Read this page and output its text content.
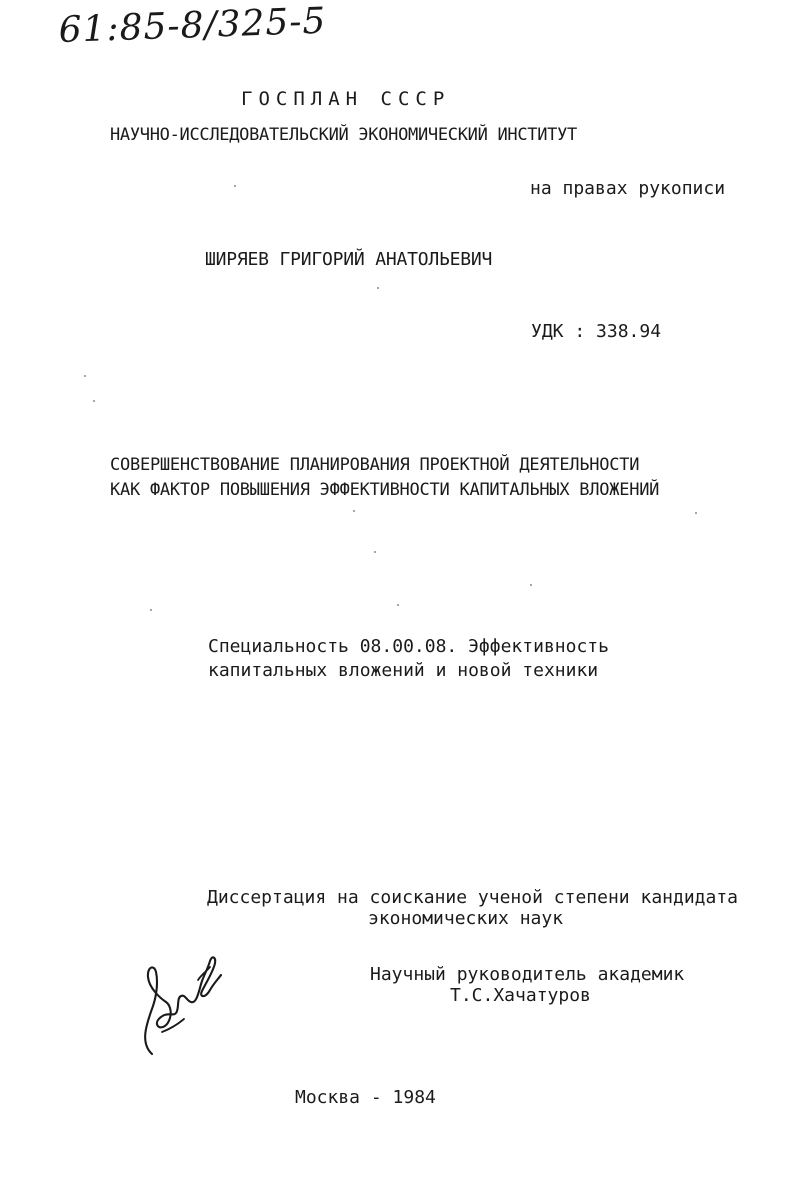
61:85-8/325-5
ГОСПЛАН СССР
НАУЧНО-ИССЛЕДОВАТЕЛЬСКИЙ ЭКОНОМИЧЕСКИЙ ИНСТИТУТ
на правах рукописи
ШИРЯЕВ ГРИГОРИЙ АНАТОЛЬЕВИЧ
УДК : 338.94
СОВЕРШЕНСТВОВАНИЕ ПЛАНИРОВАНИЯ ПРОЕКТНОЙ ДЕЯТЕЛЬНОСТИ
КАК ФАКТОР ПОВЫШЕНИЯ ЭФФЕКТИВНОСТИ КАПИТАЛЬНЫХ ВЛОЖЕНИЙ
Специальность 08.00.08. Эффективность
капитальных вложений и новой техники
Диссертация на соискание ученой степени кандидата
экономических наук
Научный руководитель академик
Т.С.Хачатуров
Москва - 1984
